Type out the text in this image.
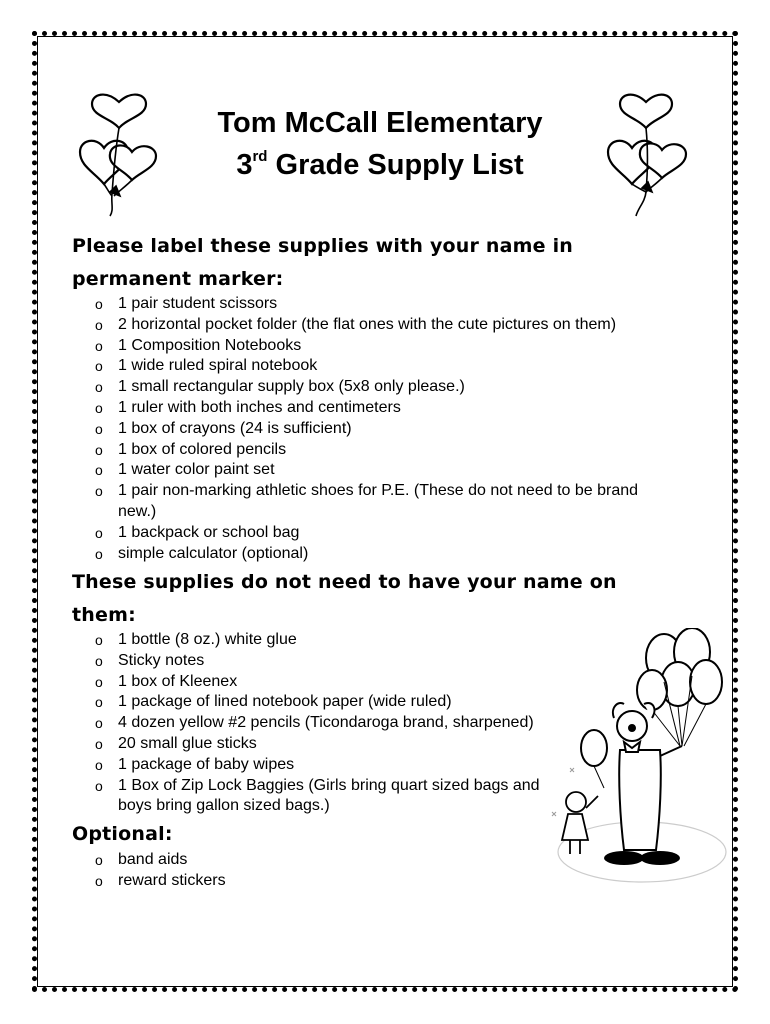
Tom McCall Elementary
3rd Grade Supply List
Please label these supplies with your name in
permanent marker:
o 1 pair student scissors
o 2 horizontal pocket folder (the flat ones with the cute pictures on them)
o 1 Composition Notebooks
o 1 wide ruled spiral notebook
o 1 small rectangular supply box (5x8 only please.)
o 1 ruler with both inches and centimeters
o 1 box of crayons (24 is sufficient)
o 1 box of colored pencils
o 1 water color paint set
o 1 pair non-marking athletic shoes for P.E. (These do not need to be brand new.)
o 1 backpack or school bag
o simple calculator (optional)
These supplies do not need to have your name on
them:
o 1 bottle (8 oz.) white glue
o Sticky notes
o 1 box of Kleenex
o 1 package of lined notebook paper (wide ruled)
o 4 dozen yellow #2 pencils (Ticondaroga brand, sharpened)
o 20 small glue sticks
o 1 package of baby wipes
o 1 Box of Zip Lock Baggies (Girls bring quart sized bags and boys bring gallon sized bags.)
Optional:
o band aids
o reward stickers
